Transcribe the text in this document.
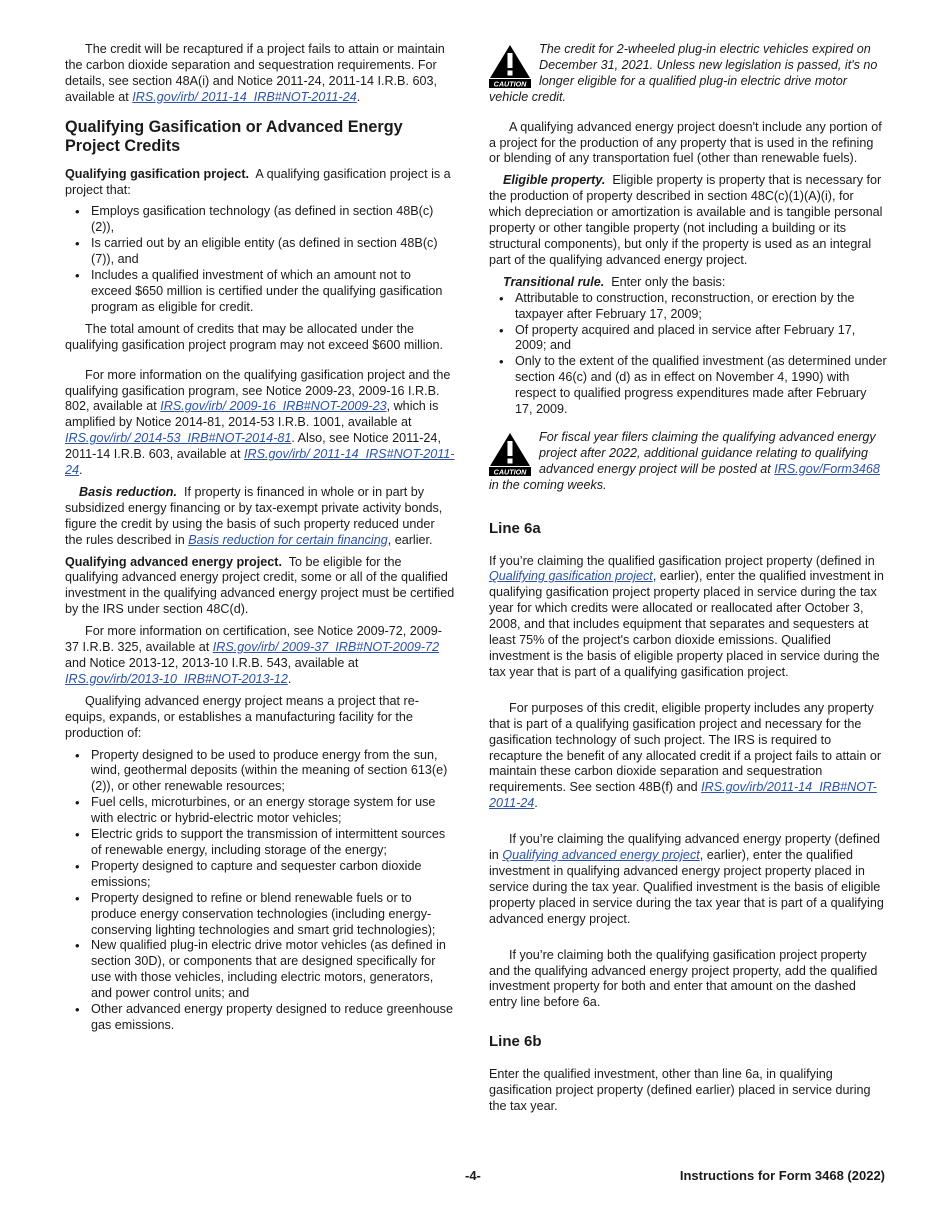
The credit will be recaptured if a project fails to attain or maintain the carbon dioxide separation and sequestration requirements. For details, see section 48A(i) and Notice 2011-24, 2011-14 I.R.B. 603, available at IRS.gov/irb/ 2011-14_IRB#NOT-2011-24.

Qualifying Gasification or Advanced Energy Project Credits

Qualifying gasification project. A qualifying gasification project is a project that:

• Employs gasification technology (as defined in section 48B(c)(2)),
• Is carried out by an eligible entity (as defined in section 48B(c)(7)), and
• Includes a qualified investment of which an amount not to exceed $650 million is certified under the qualifying gasification program as eligible for credit.

The total amount of credits that may be allocated under the qualifying gasification project program may not exceed $600 million.

For more information on the qualifying gasification project and the qualifying gasification program, see Notice 2009-23, 2009-16 I.R.B. 802, available at IRS.gov/irb/ 2009-16_IRB#NOT-2009-23, which is amplified by Notice 2014-81, 2014-53 I.R.B. 1001, available at IRS.gov/irb/ 2014-53_IRB#NOT-2014-81. Also, see Notice 2011-24, 2011-14 I.R.B. 603, available at IRS.gov/irb/ 2011-14_IRS#NOT-2011-24.

Basis reduction. If property is financed in whole or in part by subsidized energy financing or by tax-exempt private activity bonds, figure the credit by using the basis of such property reduced under the rules described in Basis reduction for certain financing, earlier.

Qualifying advanced energy project. To be eligible for the qualifying advanced energy project credit, some or all of the qualified investment in the qualifying advanced energy project must be certified by the IRS under section 48C(d).

For more information on certification, see Notice 2009-72, 2009-37 I.R.B. 325, available at IRS.gov/irb/ 2009-37_IRB#NOT-2009-72 and Notice 2013-12, 2013-10 I.R.B. 543, available at IRS.gov/irb/2013-10_IRB#NOT-2013-12.

Qualifying advanced energy project means a project that re-equips, expands, or establishes a manufacturing facility for the production of:

• Property designed to be used to produce energy from the sun, wind, geothermal deposits (within the meaning of section 613(e)(2)), or other renewable resources;
• Fuel cells, microturbines, or an energy storage system for use with electric or hybrid-electric motor vehicles;
• Electric grids to support the transmission of intermittent sources of renewable energy, including storage of the energy;
• Property designed to capture and sequester carbon dioxide emissions;
• Property designed to refine or blend renewable fuels or to produce energy conservation technologies (including energy-conserving lighting technologies and smart grid technologies);
• New qualified plug-in electric drive motor vehicles (as defined in section 30D), or components that are designed specifically for use with those vehicles, including electric motors, generators, and power control units; and
• Other advanced energy property designed to reduce greenhouse gas emissions.
CAUTION
The credit for 2-wheeled plug-in electric vehicles expired on December 31, 2021. Unless new legislation is passed, it's no longer eligible for a qualified plug-in electric drive motor vehicle credit.

A qualifying advanced energy project doesn't include any portion of a project for the production of any property that is used in the refining or blending of any transportation fuel (other than renewable fuels).

Eligible property. Eligible property is property that is necessary for the production of property described in section 48C(c)(1)(A)(i), for which depreciation or amortization is available and is tangible personal property or other tangible property (not including a building or its structural components), but only if the property is used as an integral part of the qualifying advanced energy project.

Transitional rule. Enter only the basis:

• Attributable to construction, reconstruction, or erection by the taxpayer after February 17, 2009;
• Of property acquired and placed in service after February 17, 2009; and
• Only to the extent of the qualified investment (as determined under section 46(c) and (d) as in effect on November 4, 1990) with respect to qualified progress expenditures made after February 17, 2009.
CAUTION
For fiscal year filers claiming the qualifying advanced energy project after 2022, additional guidance relating to qualifying advanced energy project will be posted at IRS.gov/Form3468 in the coming weeks.
Line 6a

If you’re claiming the qualified gasification project property (defined in Qualifying gasification project, earlier), enter the qualified investment in qualifying gasification project property placed in service during the tax year for which credits were allocated or reallocated after October 3, 2008, and that includes equipment that separates and sequesters at least 75% of the project's carbon dioxide emissions. Qualified investment is the basis of eligible property placed in service during the tax year that is part of a qualifying gasification project.

For purposes of this credit, eligible property includes any property that is part of a qualifying gasification project and necessary for the gasification technology of such project. The IRS is required to recapture the benefit of any allocated credit if a project fails to attain or maintain these carbon dioxide separation and sequestration requirements. See section 48B(f) and IRS.gov/irb/2011-14_IRB#NOT-2011-24.

If you’re claiming the qualifying advanced energy property (defined in Qualifying advanced energy project, earlier), enter the qualified investment in qualifying advanced energy project property placed in service during the tax year. Qualified investment is the basis of eligible property placed in service during the tax year that is part of a qualifying advanced energy project.

If you’re claiming both the qualifying gasification project property and the qualifying advanced energy project property, add the qualified investment property for both and enter that amount on the dashed entry line before 6a.

Line 6b

Enter the qualified investment, other than line 6a, in qualifying gasification project property (defined earlier) placed in service during the tax year.

-4-	Instructions for Form 3468 (2022)
